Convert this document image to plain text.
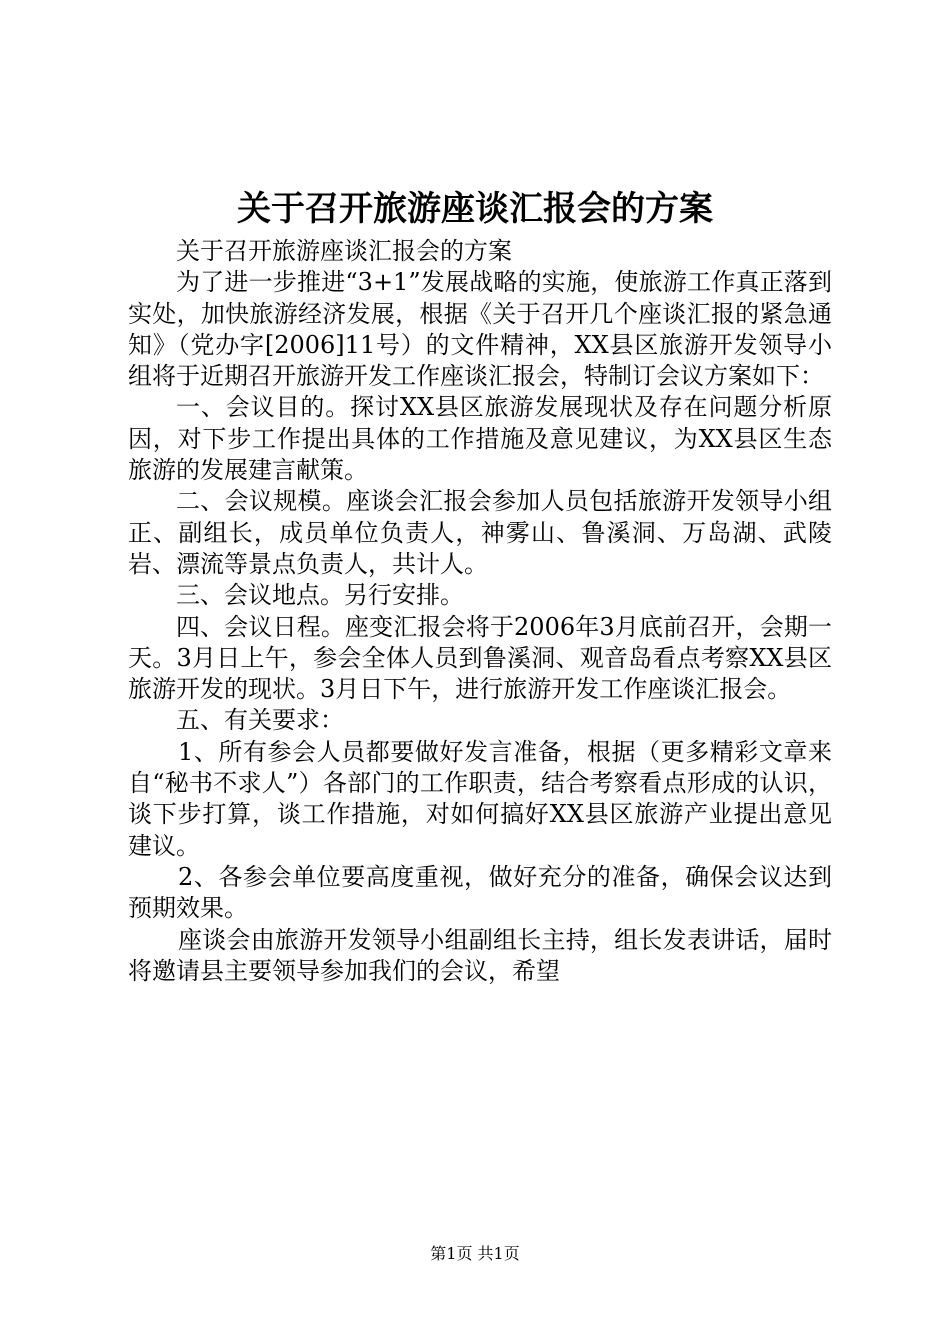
关于召开旅游座谈汇报会的方案

关于召开旅游座谈汇报会的方案

为了进一步推进“3+1”发展战略的实施，使旅游工作真正落到实处，加快旅游经济发展，根据《关于召开几个座谈汇报的紧急通知》（党办字[2006]11号）的文件精神，XX县区旅游开发领导小组将于近期召开旅游开发工作座谈汇报会，特制订会议方案如下：

一、会议目的。探讨XX县区旅游发展现状及存在问题分析原因，对下步工作提出具体的工作措施及意见建议，为XX县区生态旅游的发展建言献策。

二、会议规模。座谈会汇报会参加人员包括旅游开发领导小组正、副组长，成员单位负责人，神雾山、鲁溪洞、万岛湖、武陵岩、漂流等景点负责人，共计人。

三、会议地点。另行安排。

四、会议日程。座变汇报会将于2006年3月底前召开，会期一天。3月日上午，参会全体人员到鲁溪洞、观音岛看点考察XX县区旅游开发的现状。3月日下午，进行旅游开发工作座谈汇报会。

五、有关要求：

1、所有参会人员都要做好发言准备，根据（更多精彩文章来自“秘书不求人”）各部门的工作职责，结合考察看点形成的认识，谈下步打算，谈工作措施，对如何搞好XX县区旅游产业提出意见建议。

2、各参会单位要高度重视，做好充分的准备，确保会议达到预期效果。

座谈会由旅游开发领导小组副组长主持，组长发表讲话，届时将邀请县主要领导参加我们的会议，希望

第1页 共1页
